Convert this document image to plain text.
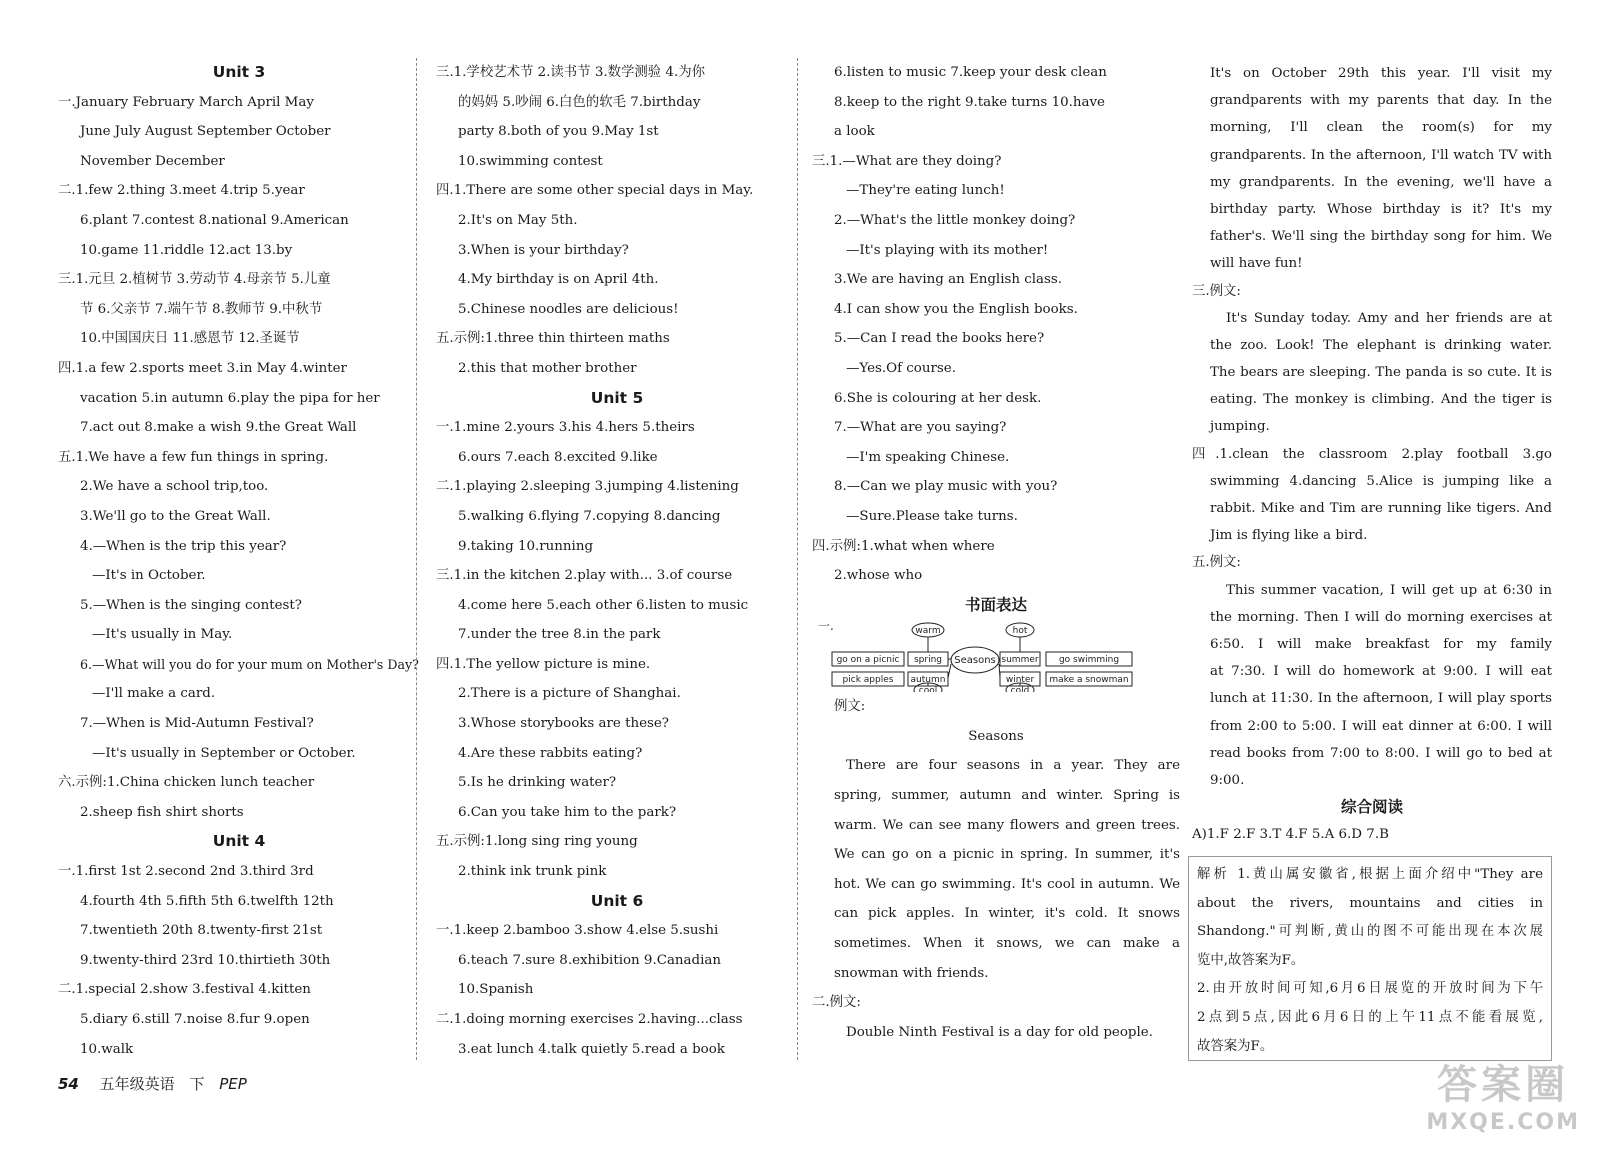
Unit 3
一.January February March April May
June July August September October
November December
二.1.few 2.thing 3.meet 4.trip 5.year
6.plant 7.contest 8.national 9.American
10.game 11.riddle 12.act 13.by
三.1.元旦 2.植树节 3.劳动节 4.母亲节 5.儿童
节 6.父亲节 7.端午节 8.教师节 9.中秋节
10.中国国庆日 11.感恩节 12.圣诞节
四.1.a few 2.sports meet 3.in May 4.winter
vacation 5.in autumn 6.play the pipa for her
7.act out 8.make a wish 9.the Great Wall
五.1.We have a few fun things in spring.
2.We have a school trip,too.
3.We'll go to the Great Wall.
4.—When is the trip this year?
—It's in October.
5.—When is the singing contest?
—It's usually in May.
6.—What will you do for your mum on Mother's Day?
—I'll make a card.
7.—When is Mid-Autumn Festival?
—It's usually in September or October.
六.示例:1.China chicken lunch teacher
2.sheep fish shirt shorts
Unit 4
一.1.first 1st 2.second 2nd 3.third 3rd
4.fourth 4th 5.fifth 5th 6.twelfth 12th
7.twentieth 20th 8.twenty-first 21st
9.twenty-third 23rd 10.thirtieth 30th
二.1.special 2.show 3.festival 4.kitten
5.diary 6.still 7.noise 8.fur 9.open
10.walk
三.1.学校艺术节 2.读书节 3.数学测验 4.为你
的妈妈 5.吵闹 6.白色的软毛 7.birthday
party 8.both of you 9.May 1st
10.swimming contest
四.1.There are some other special days in May.
2.It's on May 5th.
3.When is your birthday?
4.My birthday is on April 4th.
5.Chinese noodles are delicious!
五.示例:1.three thin thirteen maths
2.this that mother brother
Unit 5
一.1.mine 2.yours 3.his 4.hers 5.theirs
6.ours 7.each 8.excited 9.like
二.1.playing 2.sleeping 3.jumping 4.listening
5.walking 6.flying 7.copying 8.dancing
9.taking 10.running
三.1.in the kitchen 2.play with... 3.of course
4.come here 5.each other 6.listen to music
7.under the tree 8.in the park
四.1.The yellow picture is mine.
2.There is a picture of Shanghai.
3.Whose storybooks are these?
4.Are these rabbits eating?
5.Is he drinking water?
6.Can you take him to the park?
五.示例:1.long sing ring young
2.think ink trunk pink
Unit 6
一.1.keep 2.bamboo 3.show 4.else 5.sushi
6.teach 7.sure 8.exhibition 9.Canadian
10.Spanish
二.1.doing morning exercises 2.having...class
3.eat lunch 4.talk quietly 5.read a book
6.listen to music 7.keep your desk clean
8.keep to the right 9.take turns 10.have
a look
三.1.—What are they doing?
—They're eating lunch!
2.—What's the little monkey doing?
—It's playing with its mother!
3.We are having an English class.
4.I can show you the English books.
5.—Can I read the books here?
—Yes.Of course.
6.She is colouring at her desk.
7.—What are you saying?
—I'm speaking Chinese.
8.—Can we play music with you?
—Sure.Please take turns.
四.示例:1.what when where
2.whose who
书面表达
Seasons
warm
spring
autumn
cool
go on a picnic
pick apples
hot
summer
winter
cold
go swimming
make a snowman
一.
例文:
Seasons
There are four seasons in a year. They are
spring, summer, autumn and winter. Spring is
warm. We can see many flowers and green trees.
We can go on a picnic in spring. In summer, it's
hot. We can go swimming. It's cool in autumn. We
can pick apples. In winter, it's cold. It snows
sometimes. When it snows, we can make a
snowman with friends.
二.例文:
Double Ninth Festival is a day for old people.
It's on October 29th this year. I'll visit my
grandparents with my parents that day. In the
morning, I'll clean the room(s) for my
grandparents. In the afternoon, I'll watch TV with
my grandparents. In the evening, we'll have a
birthday party. Whose birthday is it? It's my
father's. We'll sing the birthday song for him. We
will have fun!
三.例文:
It's Sunday today. Amy and her friends are at
the zoo. Look! The elephant is drinking water.
The bears are sleeping. The panda is so cute. It is
eating. The monkey is climbing. And the tiger is
jumping.
四.1.clean the classroom 2.play football 3.go
swimming 4.dancing 5.Alice is jumping like a
rabbit. Mike and Tim are running like tigers. And
Jim is flying like a bird.
五.例文:
This summer vacation, I will get up at 6:30 in
the morning. Then I will do morning exercises at
6:50. I will make breakfast for my family
at 7:30. I will do homework at 9:00. I will eat
lunch at 11:30. In the afternoon, I will play sports
from 2:00 to 5:00. I will eat dinner at 6:00. I will
read books from 7:00 to 8:00. I will go to bed at
9:00.
综合阅读
A)1.F 2.F 3.T 4.F 5.A 6.D 7.B
解析 1.黄山属安徽省,根据上面介绍中"They are
about the rivers, mountains and cities in
Shandong."可判断,黄山的图不可能出现在本次展
览中,故答案为F。
2.由开放时间可知,6月6日展览的开放时间为下午
2点到5点,因此6月6日的上午11点不能看展览,
故答案为F。
54 五年级英语 下 PEP	答案圈
MXQE.COM
